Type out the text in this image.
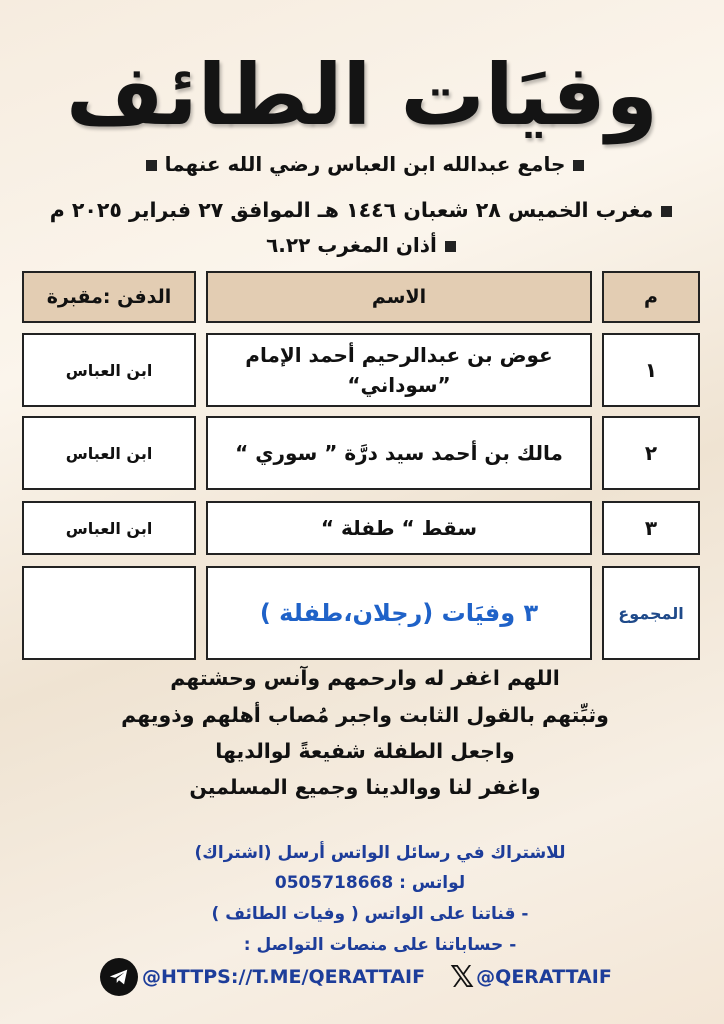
وفيَات الطائف
جامع عبدالله ابن العباس رضي الله عنهما
مغرب الخميس ٢٨ شعبان ١٤٤٦ هـ الموافق ٢٧ فبراير ٢٠٢٥ م
أذان المغرب ٦.٢٢
م
الاسم
الدفن :مقبرة
١
عوض بن عبدالرحيم أحمد الإمام
”سوداني“
ابن العباس
٢
مالك بن أحمد سيد درَّة ” سوري “
ابن العباس
٣
سقط “ طفلة “
ابن العباس
المجموع
٣ وفيَات (رجلان،طفلة )
اللهم اغفر له وارحمهم وآنس وحشتهم
وثبِّتهم بالقول الثابت واجبر مُصاب أهلهم وذويهم
واجعل الطفلة شفيعةً لوالديها
واغفر لنا ووالدينا وجميع المسلمين
للاشتراك في رسائل الواتس أرسل (اشتراك)
لواتس : 0505718668
- قناتنا على الواتس ( وفيات الطائف )
- حساباتنا على منصات التواصل :
@HTTPS://T.ME/QERATTAIF 𝕏 @QERATTAIF
